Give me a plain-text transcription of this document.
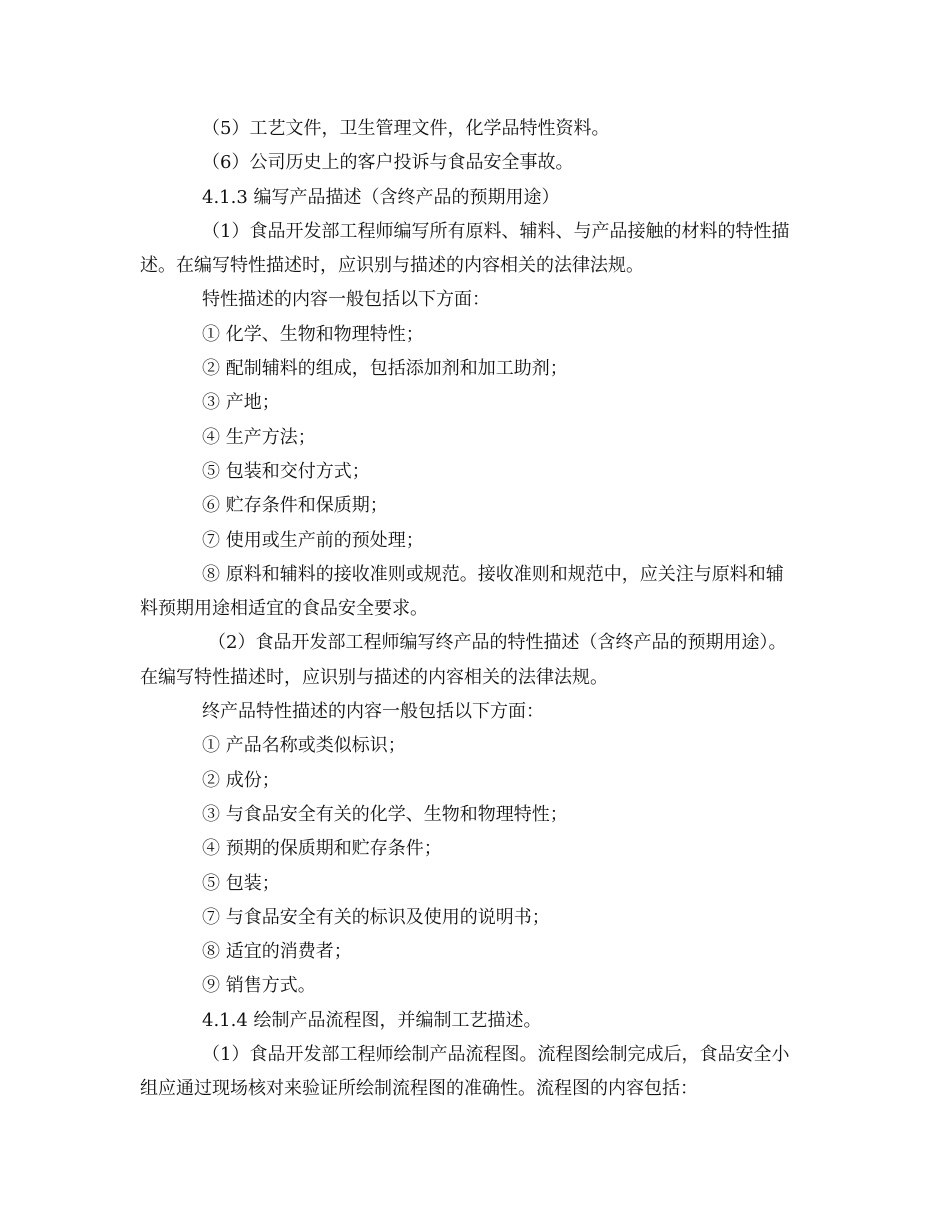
（5）工艺文件，卫生管理文件，化学品特性资料。

（6）公司历史上的客户投诉与食品安全事故。

4.1.3 编写产品描述（含终产品的预期用途）

（1）食品开发部工程师编写所有原料、辅料、与产品接触的材料的特性描

述。在编写特性描述时，应识别与描述的内容相关的法律法规。

特性描述的内容一般包括以下方面：

① 化学、生物和物理特性；

② 配制辅料的组成，包括添加剂和加工助剂；

③ 产地；

④ 生产方法；

⑤ 包装和交付方式；

⑥ 贮存条件和保质期；

⑦ 使用或生产前的预处理；

⑧ 原料和辅料的接收准则或规范。接收准则和规范中，应关注与原料和辅

料预期用途相适宜的食品安全要求。

（2）食品开发部工程师编写终产品的特性描述（含终产品的预期用途）。

在编写特性描述时，应识别与描述的内容相关的法律法规。

终产品特性描述的内容一般包括以下方面：

① 产品名称或类似标识；

② 成份；

③ 与食品安全有关的化学、生物和物理特性；

④ 预期的保质期和贮存条件；

⑤ 包装；

⑦ 与食品安全有关的标识及使用的说明书；

⑧ 适宜的消费者；

⑨ 销售方式。

4.1.4 绘制产品流程图，并编制工艺描述。

（1）食品开发部工程师绘制产品流程图。流程图绘制完成后，食品安全小

组应通过现场核对来验证所绘制流程图的准确性。流程图的内容包括：
